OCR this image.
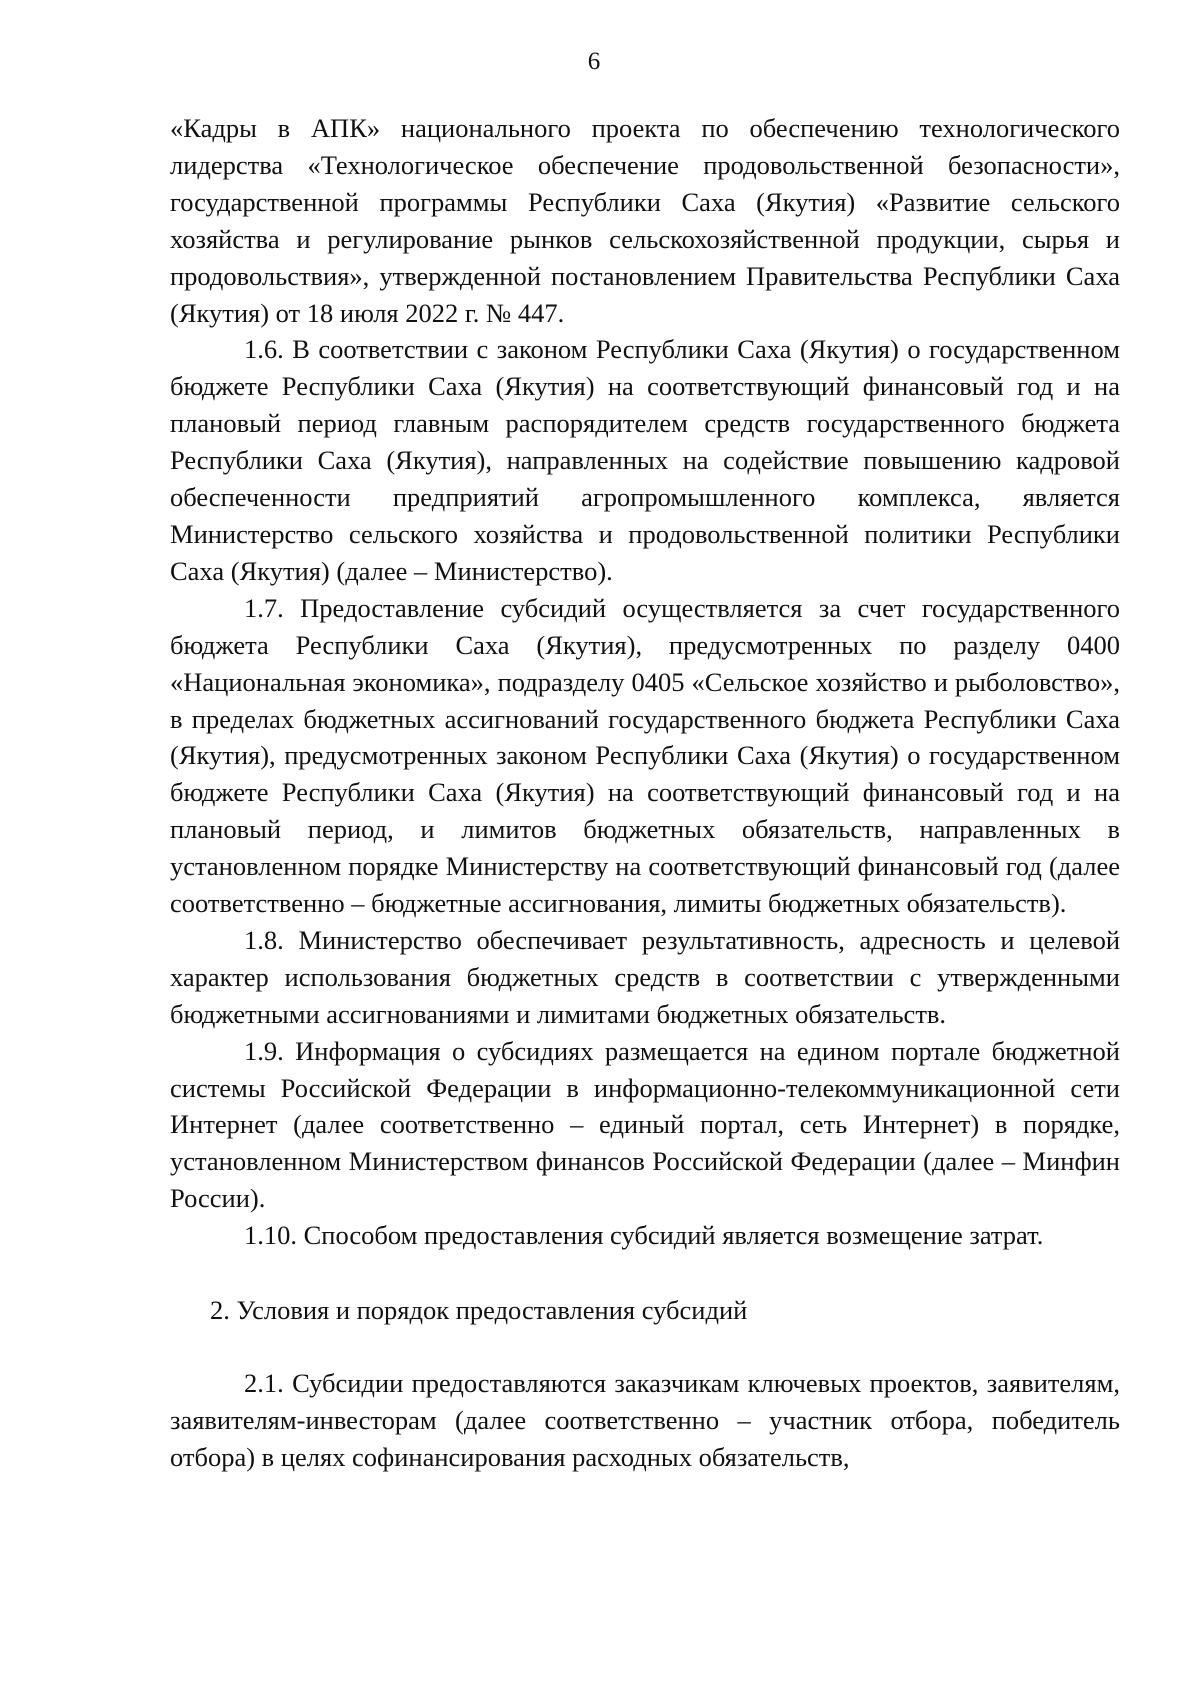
6

«Кадры в АПК» национального проекта по обеспечению технологического лидерства «Технологическое обеспечение продовольственной безопасности», государственной программы Республики Саха (Якутия) «Развитие сельского хозяйства и регулирование рынков сельскохозяйственной продукции, сырья и продовольствия», утвержденной постановлением Правительства Республики Саха (Якутия) от 18 июля 2022 г. № 447.

1.6. В соответствии с законом Республики Саха (Якутия) о государственном бюджете Республики Саха (Якутия) на соответствующий финансовый год и на плановый период главным распорядителем средств государственного бюджета Республики Саха (Якутия), направленных на содействие повышению кадровой обеспеченности предприятий агропромышленного комплекса, является Министерство сельского хозяйства и продовольственной политики Республики Саха (Якутия) (далее – Министерство).

1.7. Предоставление субсидий осуществляется за счет государственного бюджета Республики Саха (Якутия), предусмотренных по разделу 0400 «Национальная экономика», подразделу 0405 «Сельское хозяйство и рыболовство», в пределах бюджетных ассигнований государственного бюджета Республики Саха (Якутия), предусмотренных законом Республики Саха (Якутия) о государственном бюджете Республики Саха (Якутия) на соответствующий финансовый год и на плановый период, и лимитов бюджетных обязательств, направленных в установленном порядке Министерству на соответствующий финансовый год (далее соответственно – бюджетные ассигнования, лимиты бюджетных обязательств).

1.8. Министерство обеспечивает результативность, адресность и целевой характер использования бюджетных средств в соответствии с утвержденными бюджетными ассигнованиями и лимитами бюджетных обязательств.

1.9. Информация о субсидиях размещается на едином портале бюджетной системы Российской Федерации в информационно-телекоммуникационной сети Интернет (далее соответственно – единый портал, сеть Интернет) в порядке, установленном Министерством финансов Российской Федерации (далее – Минфин России).

1.10. Способом предоставления субсидий является возмещение затрат.

2. Условия и порядок предоставления субсидий

2.1. Субсидии предоставляются заказчикам ключевых проектов, заявителям, заявителям-инвесторам (далее соответственно – участник отбора, победитель отбора) в целях софинансирования расходных обязательств,
